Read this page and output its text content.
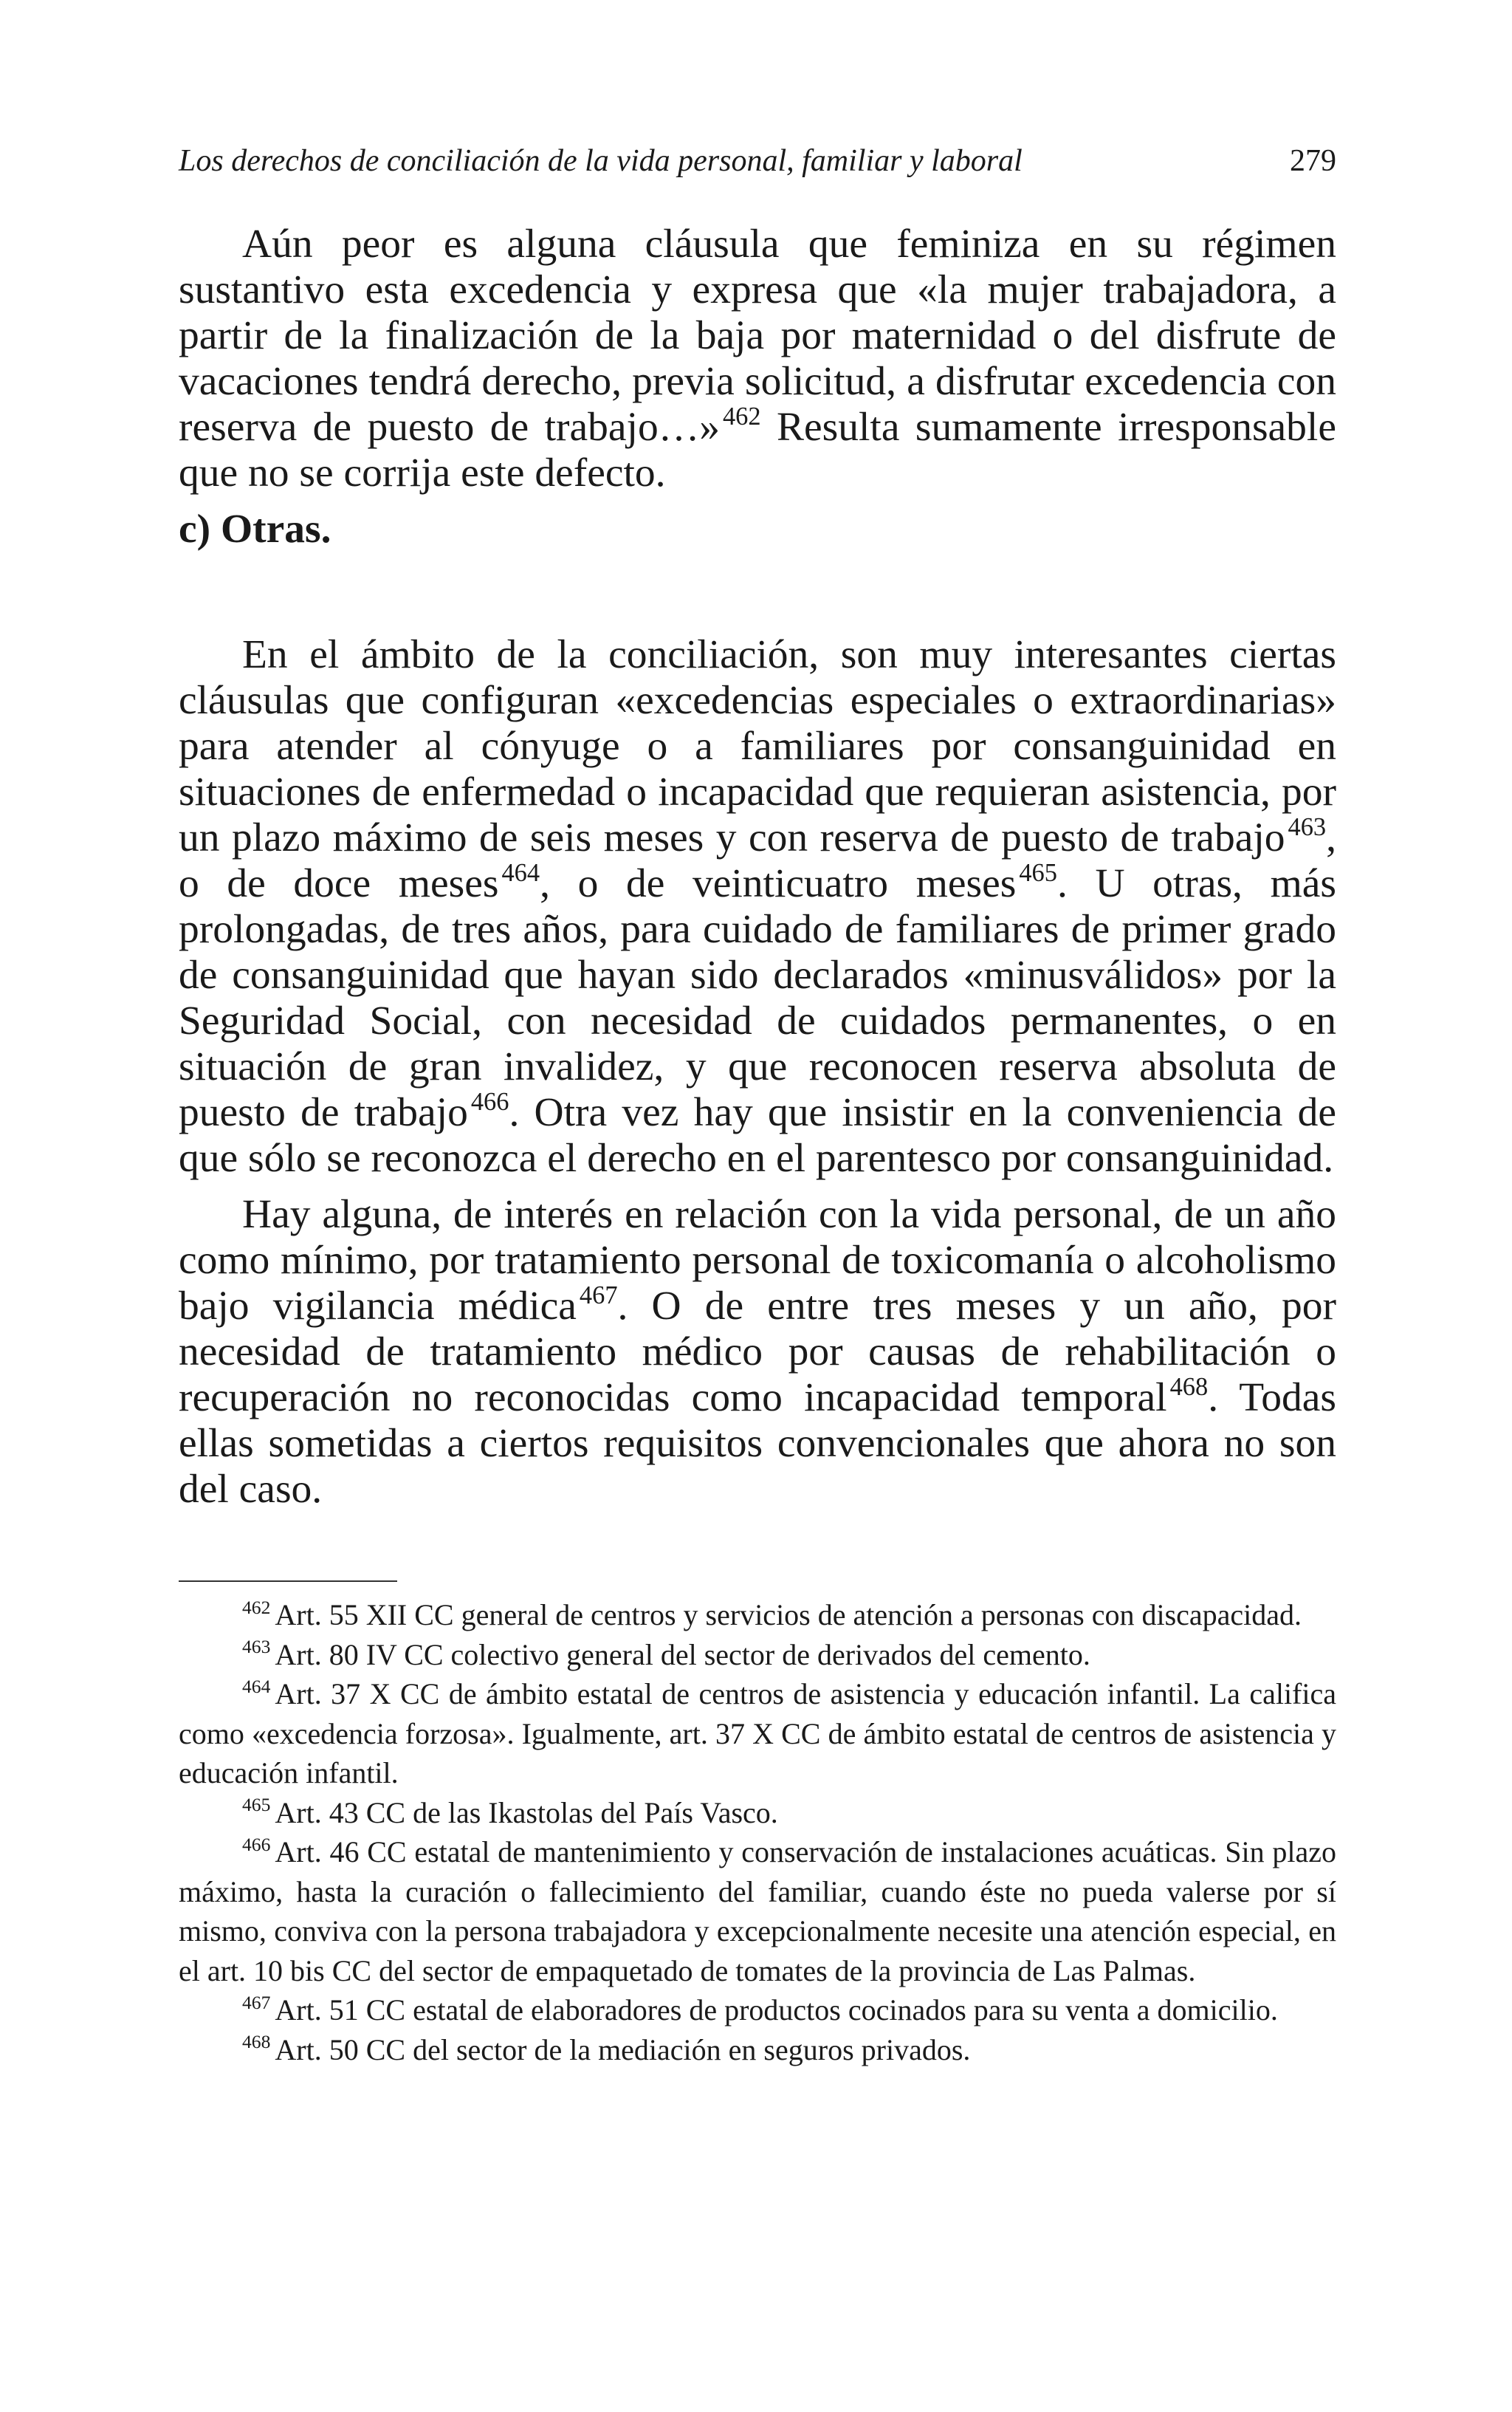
Los derechos de conciliación de la vida personal, familiar y laboral	279

Aún peor es alguna cláusula que feminiza en su régimen sustantivo esta excedencia y expresa que «la mujer trabajadora, a partir de la finalización de la baja por maternidad o del disfrute de vacaciones tendrá derecho, previa solicitud, a disfrutar excedencia con reserva de puesto de trabajo…» $^{462}$ Resulta sumamente irresponsable que no se corrija este defecto.

c) Otras.

En el ámbito de la conciliación, son muy interesantes ciertas cláusulas que configuran «excedencias especiales o extraordinarias» para atender al cónyuge o a familiares por consanguinidad en situaciones de enfermedad o incapacidad que requieran asistencia, por un plazo máximo de seis meses y con reserva de puesto de trabajo $^{463}$, o de doce meses $^{464}$, o de veinticuatro meses $^{465}$. U otras, más prolongadas, de tres años, para cuidado de familiares de primer grado de consanguinidad que hayan sido declarados «minusválidos» por la Seguridad Social, con necesidad de cuidados permanentes, o en situación de gran invalidez, y que reconocen reserva absoluta de puesto de trabajo $^{466}$. Otra vez hay que insistir en la conveniencia de que sólo se reconozca el derecho en el parentesco por consanguinidad.

Hay alguna, de interés en relación con la vida personal, de un año como mínimo, por tratamiento personal de toxicomanía o alcoholismo bajo vigilancia médica $^{467}$. O de entre tres meses y un año, por necesidad de tratamiento médico por causas de rehabilitación o recuperación no reconocidas como incapacidad temporal $^{468}$. Todas ellas sometidas a ciertos requisitos convencionales que ahora no son del caso.

$^{462}$ Art. 55 XII CC general de centros y servicios de atención a personas con discapacidad.

$^{463}$ Art. 80 IV CC colectivo general del sector de derivados del cemento.

$^{464}$ Art. 37 X CC de ámbito estatal de centros de asistencia y educación infantil. La califica como «excedencia forzosa». Igualmente, art. 37 X CC de ámbito estatal de centros de asistencia y educación infantil.

$^{465}$ Art. 43 CC de las Ikastolas del País Vasco.

$^{466}$ Art. 46 CC estatal de mantenimiento y conservación de instalaciones acuáticas. Sin plazo máximo, hasta la curación o fallecimiento del familiar, cuando éste no pueda valerse por sí mismo, conviva con la persona trabajadora y excepcionalmente necesite una atención especial, en el art. 10 bis CC del sector de empaquetado de tomates de la provincia de Las Palmas.

$^{467}$ Art. 51 CC estatal de elaboradores de productos cocinados para su venta a domicilio.

$^{468}$ Art. 50 CC del sector de la mediación en seguros privados.
